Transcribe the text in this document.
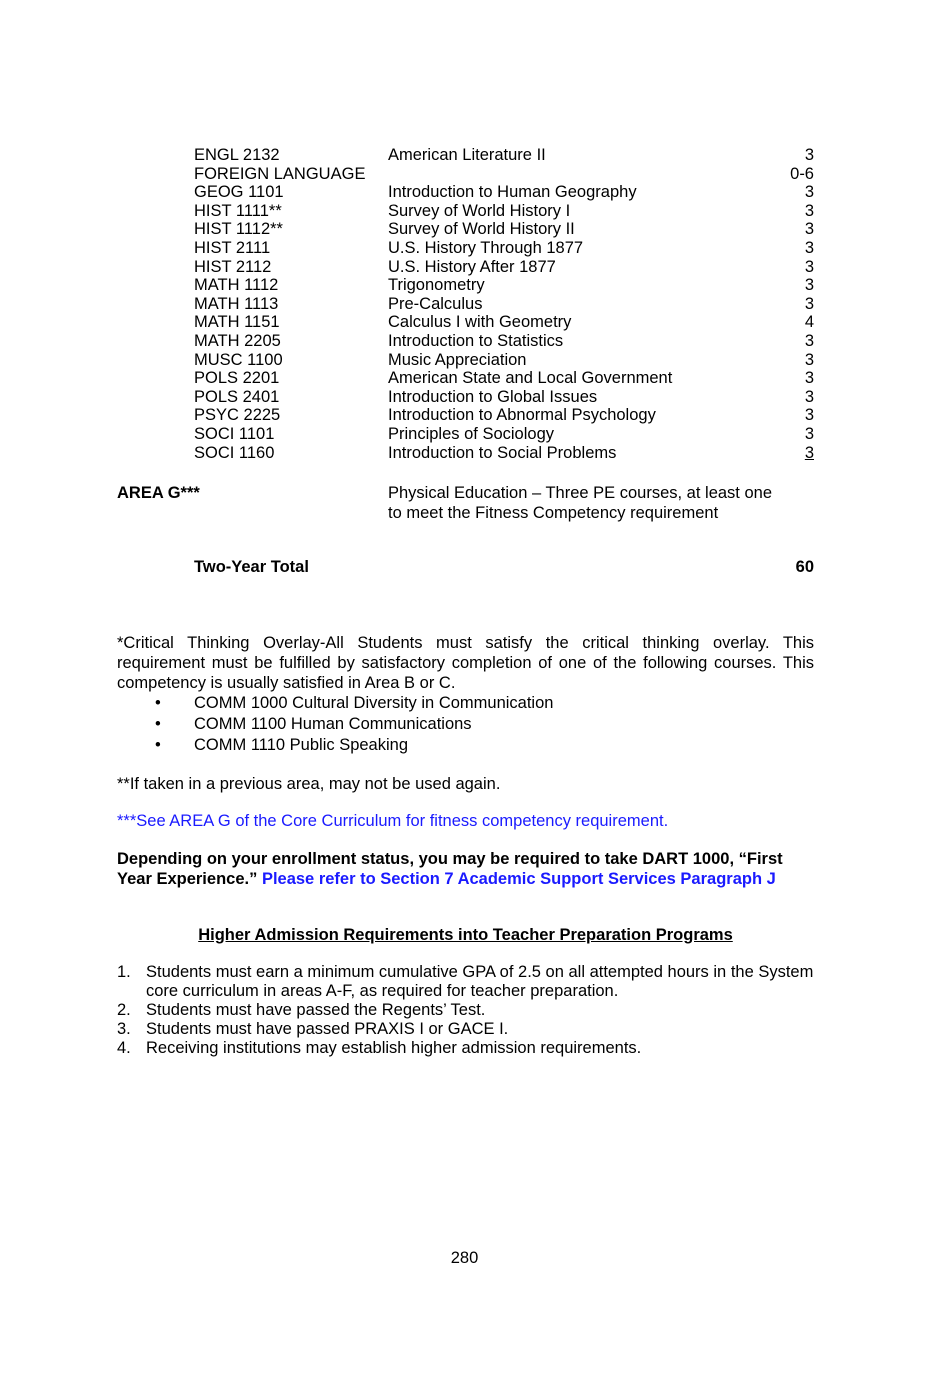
ENGL 2132	American Literature II	3
FOREIGN LANGUAGE	0-6
GEOG 1101	Introduction to Human Geography	3
HIST 1111**	Survey of World History I	3
HIST 1112**	Survey of World History II	3
HIST 2111	U.S. History Through 1877	3
HIST 2112	U.S. History After 1877	3
MATH 1112	Trigonometry	3
MATH 1113	Pre-Calculus	3
MATH 1151	Calculus I with Geometry	4
MATH 2205	Introduction to Statistics	3
MUSC 1100	Music Appreciation	3
POLS 2201	American State and Local Government	3
POLS 2401	Introduction to Global Issues	3
PSYC 2225	Introduction to Abnormal Psychology	3
SOCI 1101	Principles of Sociology	3
SOCI 1160	Introduction to Social Problems	3
AREA G***	Physical Education – Three PE courses, at least one to meet the Fitness Competency requirement
Two-Year Total	60
*Critical Thinking Overlay-All Students must satisfy the critical thinking overlay. This requirement must be fulfilled by satisfactory completion of one of the following courses. This competency is usually satisfied in Area B or C.
• COMM 1000 Cultural Diversity in Communication
• COMM 1100 Human Communications
• COMM 1110 Public Speaking
**If taken in a previous area, may not be used again.
***See AREA G of the Core Curriculum for fitness competency requirement.
Depending on your enrollment status, you may be required to take DART 1000, “First Year Experience.” Please refer to Section 7 Academic Support Services Paragraph J
Higher Admission Requirements into Teacher Preparation Programs
1. Students must earn a minimum cumulative GPA of 2.5 on all attempted hours in the System core curriculum in areas A-F, as required for teacher preparation.
2. Students must have passed the Regents’ Test.
3. Students must have passed PRAXIS I or GACE I.
4. Receiving institutions may establish higher admission requirements.
280
